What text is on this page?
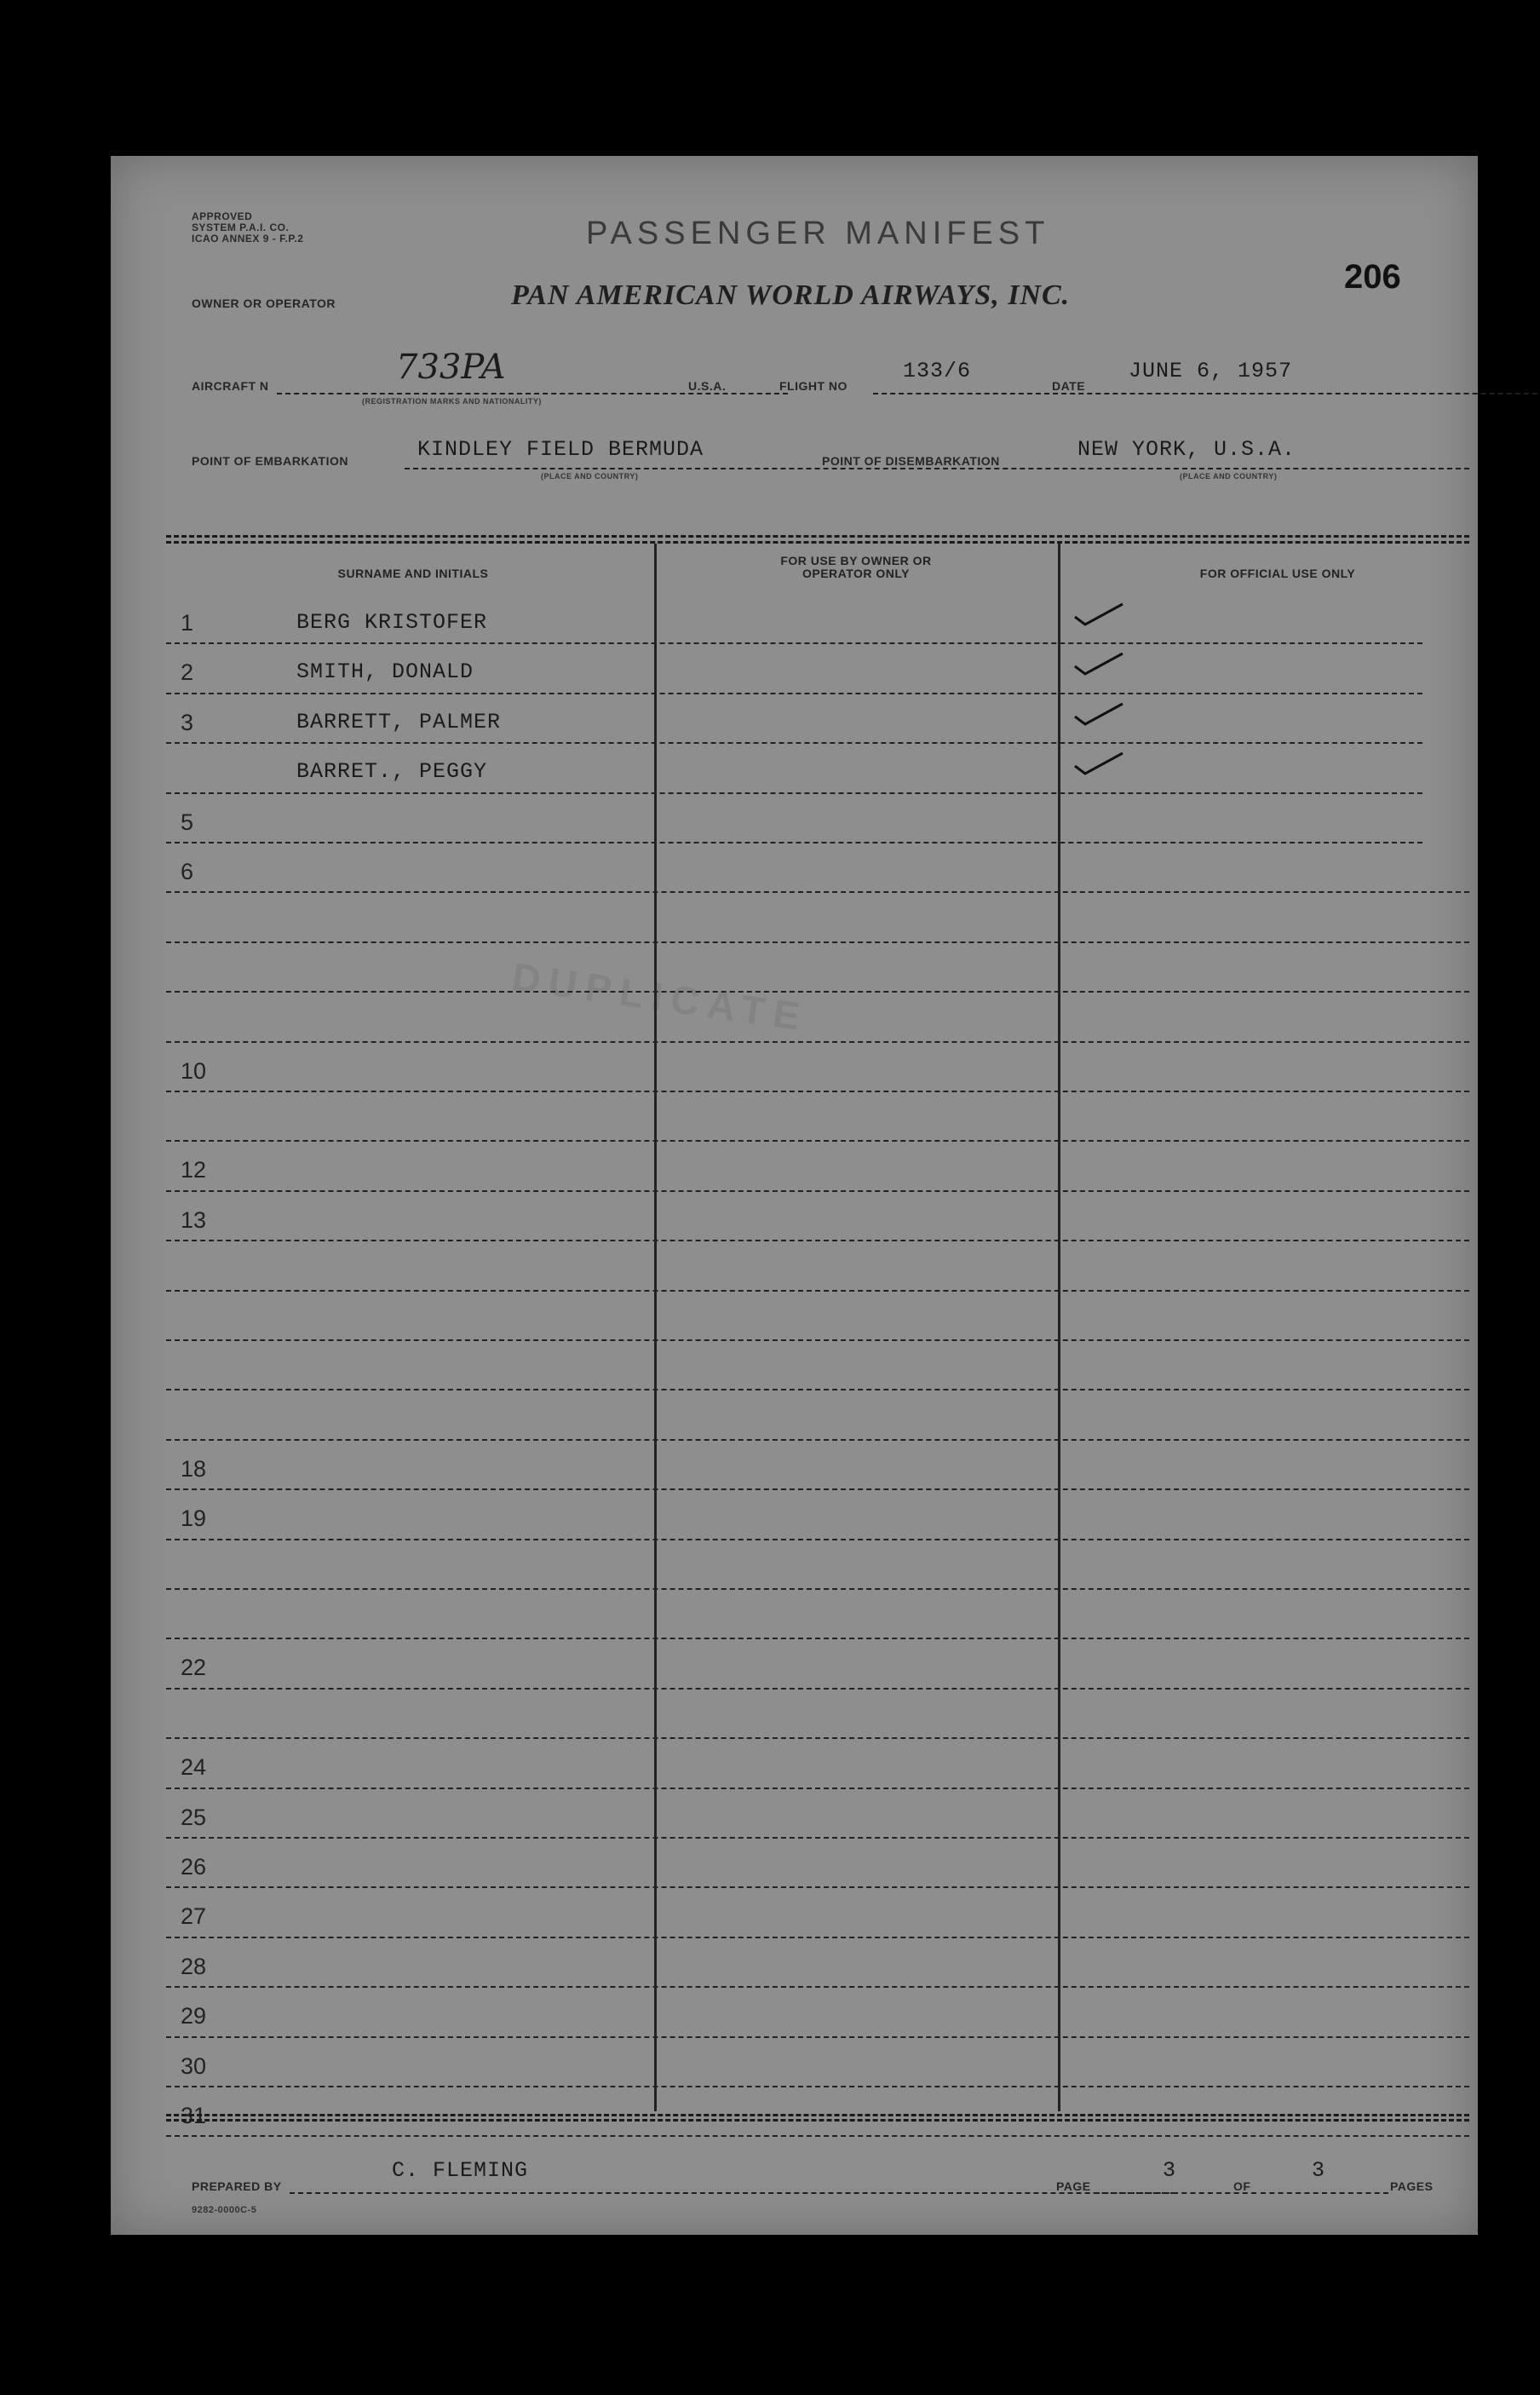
APPROVED
SYSTEM P.A.I. CO.
ICAO ANNEX 9 - F.P.2	PASSENGER MANIFEST
206
OWNER OR OPERATOR	PAN AMERICAN WORLD AIRWAYS, INC.
AIRCRAFT N	733PA
(REGISTRATION MARKS AND NATIONALITY)
U.S.A.	FLIGHT NO
133/6
DATE
JUNE 6, 1957
POINT OF EMBARKATION	KINDLEY FIELD BERMUDA
(PLACE AND COUNTRY)
POINT OF DISEMBARKATION	NEW YORK, U.S.A.
(PLACE AND COUNTRY)
DUPLICATE
SURNAME AND INITIALS
FOR USE BY OWNER OR OPERATOR ONLY	FOR OFFICIAL USE ONLY
1	BERG KRISTOFER
2	SMITH, DONALD
3	BARRETT, PALMER
BARRET., PEGGY
5
6
10
12
13
18
19
22
24
25
26
27
28
29
30
31
PREPARED BY
C. FLEMING
PAGE
3
OF
3
PAGES
9282-0000C-5
